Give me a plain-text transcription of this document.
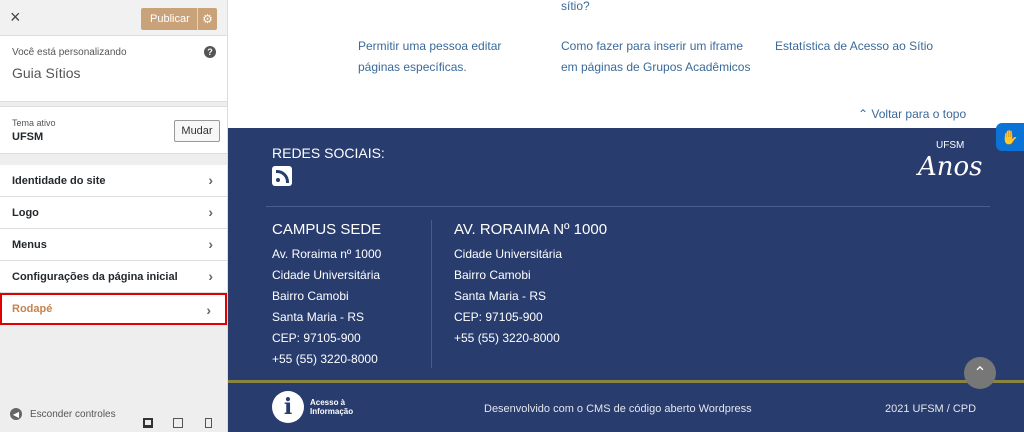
×	Publicar	⚙
Você está personalizando
Guia Sítios
?
Tema ativo
UFSM	Mudar
Identidade do site	›
Logo	›
Menus	›
Configurações da página inicial ›
Rodapé	›
◀ Esconder controles
sítio?
Permitir uma pessoa editar
páginas específicas.
Como fazer para inserir um iframe
em páginas de Grupos Acadêmicos
Estatística de Acesso ao Sítio
⌃ Voltar para o topo
REDES SOCIAIS:	UFSM
Anos
CAMPUS SEDE
Av. Roraima nº 1000
Cidade Universitária
Bairro Camobi
Santa Maria - RS
CEP: 97105-900
+55 (55) 3220-8000
AV. RORAIMA Nº 1000
Cidade Universitária
Bairro Camobi
Santa Maria - RS
CEP: 97105-900
+55 (55) 3220-8000
i	Acesso à
Informação	Desenvolvido com o CMS de código aberto Wordpress	2021 UFSM / CPD
⌃
✋
